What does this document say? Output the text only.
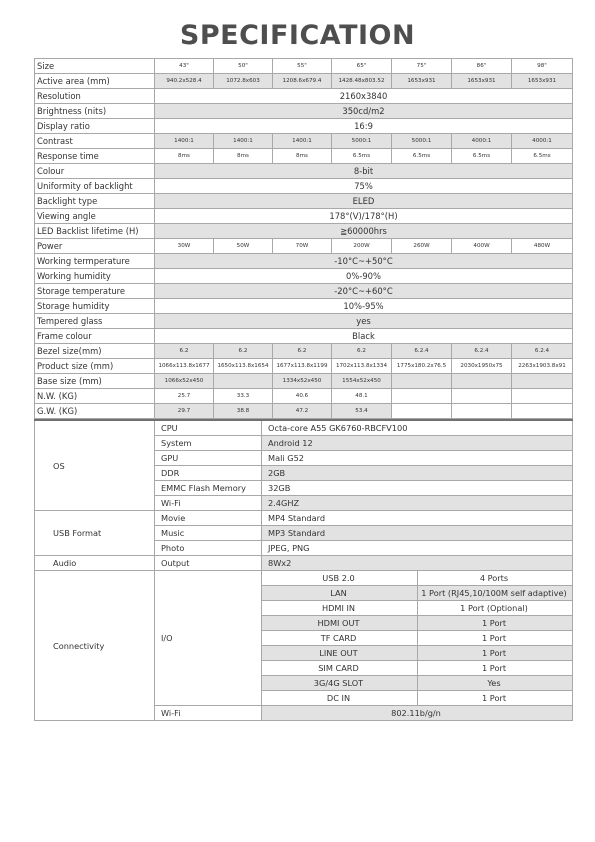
SPECIFICATION
Size	43"	50"	55"	65"	75"	86"	98"
Active area (mm)	940.2x528.4	1072.8x603	1208.6x679.4	1428.48x803.52	1653x931	1653x931	1653x931
Resolution	2160x3840						
Brightness (nits)	350cd/m2						
Display ratio	16:9						
Contrast	1400:1	1400:1	1400:1	5000:1	5000:1	4000:1	4000:1
Response time	8ms	8ms	8ms	6.5ms	6.5ms	6.5ms	6.5ms
Colour	8-bit						
Uniformity of backlight	75%						
Backlight type	ELED						
Viewing angle	178°(V)/178°(H)						
LED Backlist lifetime (H)	≧60000hrs						
Power	30W	50W	70W	200W	260W	400W	480W
Working termperature	-10°C~+50°C						
Working humidity	0%-90%						
Storage temperature	-20°C~+60°C						
Storage humidity	10%-95%						
Tempered glass	yes						
Frame colour	Black						
Bezel size(mm)	6.2	6.2	6.2	6.2	6.2.4	6.2.4	6.2.4
Product size (mm)	1066x113.8x1677	1650x113.8x1654	1677x113.8x1199	1702x113.8x1334	1775x180.2x76.5	2030x1950x75	2263x1903.8x91
Base size (mm)	1066x52x450		1334x52x450	1554x52x450			
N.W. (KG)	25.7	33.3	40.6	48.1			
G.W. (KG)	29.7	38.8	47.2	53.4			
OS	CPU	Octa-core A55 GK6760-RBCFV100	
	System	Android 12	
	GPU	Mali G52	
	DDR	2GB	
	EMMC Flash Memory	32GB	
	Wi-Fi	2.4GHZ	
USB Format	Movie	MP4 Standard	
	Music	MP3 Standard	
	Photo	JPEG, PNG	
Audio	Output	8Wx2	
Connectivity	I/O	USB 2.0	4 Ports
		LAN	1 Port (RJ45,10/100M self adaptive)
		HDMI IN	1 Port (Optional)
		HDMI OUT	1 Port
		TF CARD	1 Port
		LINE OUT	1 Port
		SIM CARD	1 Port
		3G/4G SLOT	Yes
		DC IN	1 Port
	Wi-Fi	802.11b/g/n	
